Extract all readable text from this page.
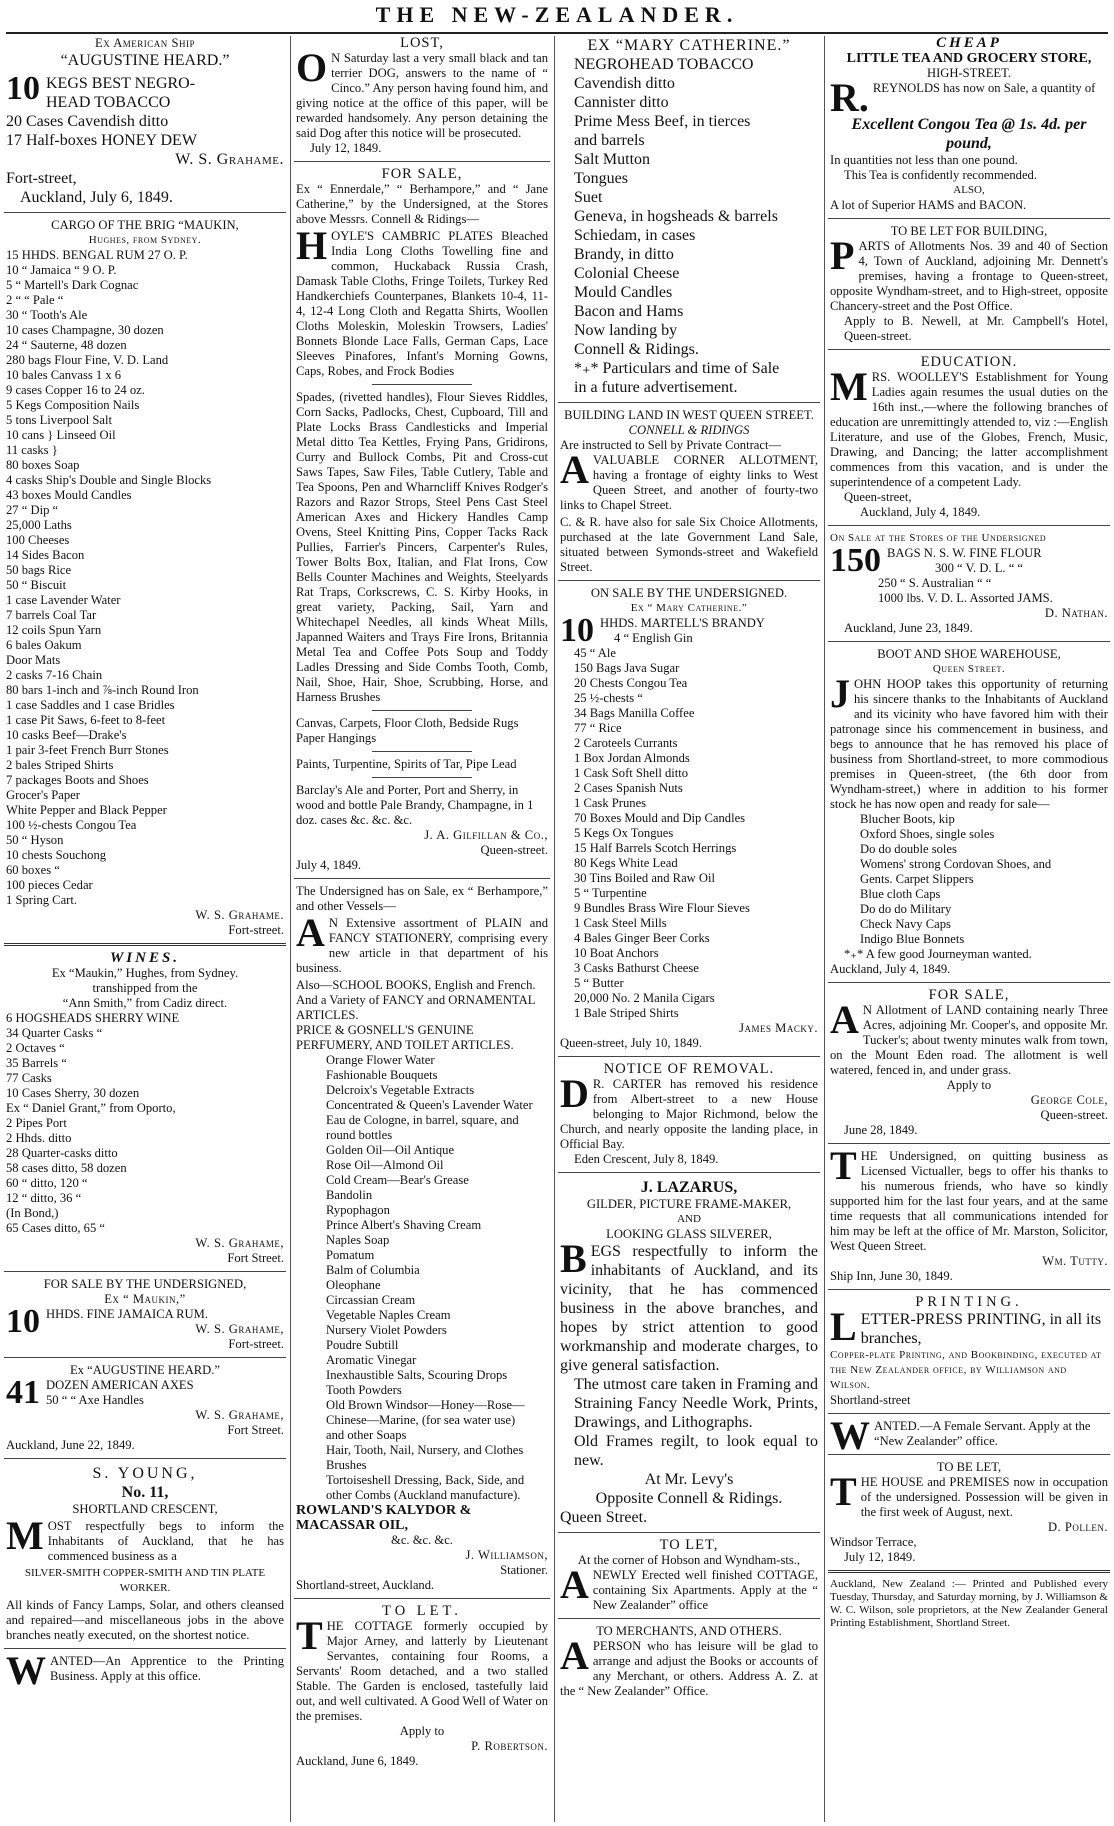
THE NEW-ZEALANDER.
Ex American Ship
“AUGUSTINE HEARD.”
10 KEGS BEST NEGRO-
HEAD TOBACCO
20 Cases Cavendish ditto
17 Half-boxes HONEY DEW
W. S. Grahame.
Fort-street,
Auckland, July 6, 1849.
CARGO OF THE BRIG “MAUKIN,
Hughes, from Sydney.
15 HHDS. BENGAL RUM 27 O. P.
10 “ Jamaica “ 9 O. P.
5 “ Martell's Dark Cognac
2 “ “ Pale “
30 “ Tooth's Ale
10 cases Champagne, 30 dozen
24 “ Sauterne, 48 dozen
280 bags Flour Fine, V. D. Land
10 bales Canvass 1 x 6
9 cases Copper 16 to 24 oz.
5 Kegs Composition Nails
5 tons Liverpool Salt
10 cans } Linseed Oil
11 casks }
80 boxes Soap
4 casks Ship's Double and Single Blocks
43 boxes Mould Candles
27 “ Dip “
25,000 Laths
100 Cheeses
14 Sides Bacon
50 bags Rice
50 “ Biscuit
1 case Lavender Water
7 barrels Coal Tar
12 coils Spun Yarn
6 bales Oakum
Door Mats
2 casks 7-16 Chain
80 bars 1-inch and ⅞-inch Round Iron
1 case Saddles and 1 case Bridles
1 case Pit Saws, 6-feet to 8-feet
10 casks Beef—Drake's
1 pair 3-feet French Burr Stones
2 bales Striped Shirts
7 packages Boots and Shoes
Grocer's Paper
White Pepper and Black Pepper
100 ½-chests Congou Tea
50 “ Hyson
10 chests Souchong
60 boxes “
100 pieces Cedar
1 Spring Cart.
W. S. Grahame.
Fort-street.
WINES.
Ex “Maukin,” Hughes, from Sydney.
transhipped from the
“Ann Smith,” from Cadiz direct.
6 HOGSHEADS SHERRY WINE
34 Quarter Casks “
2 Octaves “
35 Barrels “
77 Casks
10 Cases Sherry, 30 dozen
Ex “ Daniel Grant,” from Oporto,
2 Pipes Port
2 Hhds. ditto
28 Quarter-casks ditto
58 cases ditto, 58 dozen
60 “ ditto, 120 “
12 “ ditto, 36 “
(In Bond,)
65 Cases ditto, 65 “
W. S. Grahame,
Fort Street.
FOR SALE BY THE UNDERSIGNED,
Ex “ Maukin,”
10 HHDS. FINE JAMAICA RUM.
W. S. Grahame,
Fort-street.
Ex “AUGUSTINE HEARD.”
41 DOZEN AMERICAN AXES
50 “ “ Axe Handles
W. S. Grahame,
Fort Street.
Auckland, June 22, 1849.
S. YOUNG,
No. 11,
SHORTLAND CRESCENT,
MOST respectfully begs to inform the Inhabitants of Auckland, that he has commenced business as a
SILVER-SMITH COPPER-SMITH AND TIN PLATE WORKER.
All kinds of Fancy Lamps, Solar, and others cleansed and repaired—and miscellaneous jobs in the above branches neatly executed, on the shortest notice.
WANTED—An Apprentice to the Printing Business. Apply at this office.
LOST,
O N Saturday last a very small black and tan terrier DOG, answers to the name of “ Cinco.” Any person having found him, and giving notice at the office of this paper, will be rewarded handsomely. Any person detaining the said Dog after this notice will be prosecuted.
July 12, 1849.
FOR SALE,
Ex “ Ennerdale,” “ Berhampore,” and “ Jane Catherine,” by the Undersigned, at the Stores above Messrs. Connell & Ridings—
HOYLE'S CAMBRIC PLATES Bleached India Long Cloths Towelling fine and common, Huckaback Russia Crash, Damask Table Cloths, Fringe Toilets, Turkey Red Handkerchiefs Counterpanes, Blankets 10-4, 11-4, 12-4 Long Cloth and Regatta Shirts, Woollen Cloths Moleskin, Moleskin Trowsers, Ladies' Bonnets Blonde Lace Falls, German Caps, Lace Sleeves Pinafores, Infant's Morning Gowns, Caps, Robes, and Frock Bodies
Spades, (rivetted handles), Flour Sieves Riddles, Corn Sacks, Padlocks, Chest, Cupboard, Till and Plate Locks Brass Candlesticks and Imperial Metal ditto Tea Kettles, Frying Pans, Gridirons, Curry and Bullock Combs, Pit and Cross-cut Saws Tapes, Saw Files, Table Cutlery, Table and Tea Spoons, Pen and Wharncliff Knives Rodger's Razors and Razor Strops, Steel Pens Cast Steel American Axes and Hickery Handles Camp Ovens, Steel Knitting Pins, Copper Tacks Rack Pullies, Farrier's Pincers, Carpenter's Rules, Tower Bolts Box, Italian, and Flat Irons, Cow Bells Counter Machines and Weights, Steelyards Rat Traps, Corkscrews, C. S. Kirby Hooks, in great variety, Packing, Sail, Yarn and Whitechapel Needles, all kinds Wheat Mills, Japanned Waiters and Trays Fire Irons, Britannia Metal Tea and Coffee Pots Soup and Toddy Ladles Dressing and Side Combs Tooth, Comb, Nail, Shoe, Hair, Shoe, Scrubbing, Horse, and Harness Brushes
Canvas, Carpets, Floor Cloth, Bedside Rugs Paper Hangings
Paints, Turpentine, Spirits of Tar, Pipe Lead
Barclay's Ale and Porter, Port and Sherry, in wood and bottle Pale Brandy, Champagne, in 1 doz. cases &c. &c. &c.
J. A. Gilfillan & Co.,
Queen-street.
July 4, 1849.
The Undersigned has on Sale, ex “ Berhampore,” and other Vessels—
A N Extensive assortment of PLAIN and FANCY STATIONERY, comprising every new article in that department of his business.
Also—SCHOOL BOOKS, English and French.
And a Variety of FANCY and ORNAMENTAL ARTICLES.
PRICE & GOSNELL'S GENUINE PERFUMERY, AND TOILET ARTICLES.
Orange Flower Water
Fashionable Bouquets
Delcroix's Vegetable Extracts
Concentrated & Queen's Lavender Water
Eau de Cologne, in barrel, square, and
round bottles
Golden Oil—Oil Antique
Rose Oil—Almond Oil
Cold Cream—Bear's Grease
Bandolin
Rypophagon
Prince Albert's Shaving Cream
Naples Soap
Pomatum
Balm of Columbia
Oleophane
Circassian Cream
Vegetable Naples Cream
Nursery Violet Powders
Poudre Subtill
Aromatic Vinegar
Inexhaustible Salts, Scouring Drops
Tooth Powders
Old Brown Windsor—Honey—Rose—
Chinese—Marine, (for sea water use)
and other Soaps
Hair, Tooth, Nail, Nursery, and Clothes
Brushes
Tortoiseshell Dressing, Back, Side, and
other Combs (Auckland manufacture).
ROWLAND'S KALYDOR & MACASSAR OIL,
&c. &c. &c.
J. Williamson,
Stationer.
Shortland-street, Auckland.
TO LET.
THE COTTAGE formerly occupied by Major Arney, and latterly by Lieutenant Servantes, containing four Rooms, a Servants' Room detached, and a two stalled Stable. The Garden is enclosed, tastefully laid out, and well cultivated. A Good Well of Water on the premises.
Apply to
P. Robertson.
Auckland, June 6, 1849.
EX “MARY CATHERINE.”
NEGROHEAD TOBACCO
Cavendish ditto
Cannister ditto
Prime Mess Beef, in tierces
and barrels
Salt Mutton
Tongues
Suet
Geneva, in hogsheads & barrels
Schiedam, in cases
Brandy, in ditto
Colonial Cheese
Mould Candles
Bacon and Hams
Now landing by
Connell & Ridings.
*₊* Particulars and time of Sale
in a future advertisement.
BUILDING LAND IN WEST QUEEN STREET.
CONNELL & RIDINGS
Are instructed to Sell by Private Contract—
AVALUABLE CORNER ALLOTMENT, having a frontage of eighty links to West Queen Street, and another of fourty-two links to Chapel Street.
C. & R. have also for sale Six Choice Allotments, purchased at the late Government Land Sale, situated between Symonds-street and Wakefield Street.
ON SALE BY THE UNDERSIGNED.
Ex “ Mary Catherine.”
10 HHDS. MARTELL'S BRANDY
4 “ English Gin
45 “ Ale
150 Bags Java Sugar
20 Chests Congou Tea
25 ½-chests “
34 Bags Manilla Coffee
77 “ Rice
2 Caroteels Currants
1 Box Jordan Almonds
1 Cask Soft Shell ditto
2 Cases Spanish Nuts
1 Cask Prunes
70 Boxes Mould and Dip Candles
5 Kegs Ox Tongues
15 Half Barrels Scotch Herrings
80 Kegs White Lead
30 Tins Boiled and Raw Oil
5 “ Turpentine
9 Bundles Brass Wire Flour Sieves
1 Cask Steel Mills
4 Bales Ginger Beer Corks
10 Boat Anchors
3 Casks Bathurst Cheese
5 “ Butter
20,000 No. 2 Manila Cigars
1 Bale Striped Shirts
James Macky.
Queen-street, July 10, 1849.
NOTICE OF REMOVAL.
D R. CARTER has removed his residence from Albert-street to a new House belonging to Major Richmond, below the Church, and nearly opposite the landing place, in Official Bay.
Eden Crescent, July 8, 1849.
J. LAZARUS,
GILDER, PICTURE FRAME-MAKER,
AND
LOOKING GLASS SILVERER,
BEGS respectfully to inform the inhabitants of Auckland, and its vicinity, that he has commenced business in the above branches, and hopes by strict attention to good workmanship and moderate charges, to give general satisfaction.
The utmost care taken in Framing and Straining Fancy Needle Work, Prints, Drawings, and Lithographs.
Old Frames regilt, to look equal to new.
At Mr. Levy's
Opposite Connell & Ridings.
Queen Street.
TO LET,
At the corner of Hobson and Wyndham-sts.,
ANEWLY Erected well finished COTTAGE, containing Six Apartments. Apply at the “ New Zealander” office
TO MERCHANTS, AND OTHERS.
APERSON who has leisure will be glad to arrange and adjust the Books or accounts of any Merchant, or others. Address A. Z. at the “ New Zealander” Office.
CHEAP
LITTLE TEA AND GROCERY STORE,
HIGH-STREET.
R. REYNOLDS has now on Sale, a quantity of
Excellent Congou Tea @ 1s. 4d. per pound,
In quantities not less than one pound.
This Tea is confidently recommended.
ALSO,
A lot of Superior HAMS and BACON.
TO BE LET FOR BUILDING,
PARTS of Allotments Nos. 39 and 40 of Section 4, Town of Auckland, adjoining Mr. Dennett's premises, having a frontage to Queen-street, opposite Wyndham-street, and to High-street, opposite Chancery-street and the Post Office.
Apply to B. Newell, at Mr. Campbell's Hotel, Queen-street.
EDUCATION.
MRS. WOOLLEY'S Establishment for Young Ladies again resumes the usual duties on the 16th inst.,—where the following branches of education are unremittingly attended to, viz :—English Literature, and use of the Globes, French, Music, Drawing, and Dancing; the latter accomplishment commences from this vacation, and is under the superintendence of a competent Lady.
Queen-street,
Auckland, July 4, 1849.
On Sale at the Stores of the Undersigned
150 BAGS N. S. W. FINE FLOUR
300 “ V. D. L. “ “
250 “ S. Australian “ “
1000 lbs. V. D. L. Assorted JAMS.
D. Nathan.
Auckland, June 23, 1849.
BOOT AND SHOE WAREHOUSE,
Queen Street.
JOHN HOOP takes this opportunity of returning his sincere thanks to the Inhabitants of Auckland and its vicinity who have favored him with their patronage since his commencement in business, and begs to announce that he has removed his place of business from Shortland-street, to more commodious premises in Queen-street, (the 6th door from Wyndham-street,) where in addition to his former stock he has now open and ready for sale—
Blucher Boots, kip
Oxford Shoes, single soles
Do do double soles
Womens' strong Cordovan Shoes, and
Gents. Carpet Slippers
Blue cloth Caps
Do do do Military
Check Navy Caps
Indigo Blue Bonnets
*₊* A few good Journeyman wanted.
Auckland, July 4, 1849.
FOR SALE,
A N Allotment of LAND containing nearly Three Acres, adjoining Mr. Cooper's, and opposite Mr. Tucker's; about twenty minutes walk from town, on the Mount Eden road. The allotment is well watered, fenced in, and under grass.
Apply to
George Cole,
Queen-street.
June 28, 1849.
THE Undersigned, on quitting business as Licensed Victualler, begs to offer his thanks to his numerous friends, who have so kindly supported him for the last four years, and at the same time requests that all communications intended for him may be left at the office of Mr. Marston, Solicitor, West Queen Street.
Wm. Tutty.
Ship Inn, June 30, 1849.
PRINTING.
LETTER-PRESS PRINTING, in all its branches,
Copper-plate Printing, and Bookbinding, executed at the New Zealander office, by Williamson and Wilson.
Shortland-street
WANTED.—A Female Servant. Apply at the “New Zealander” office.
TO BE LET,
THE HOUSE and PREMISES now in occupation of the undersigned. Possession will be given in the first week of August, next.
D. Pollen.
Windsor Terrace,
July 12, 1849.
Auckland, New Zealand :— Printed and Published every Tuesday, Thursday, and Saturday morning, by J. Williamson & W. C. Wilson, sole proprietors, at the New Zealander General Printing Establishment, Shortland Street.
